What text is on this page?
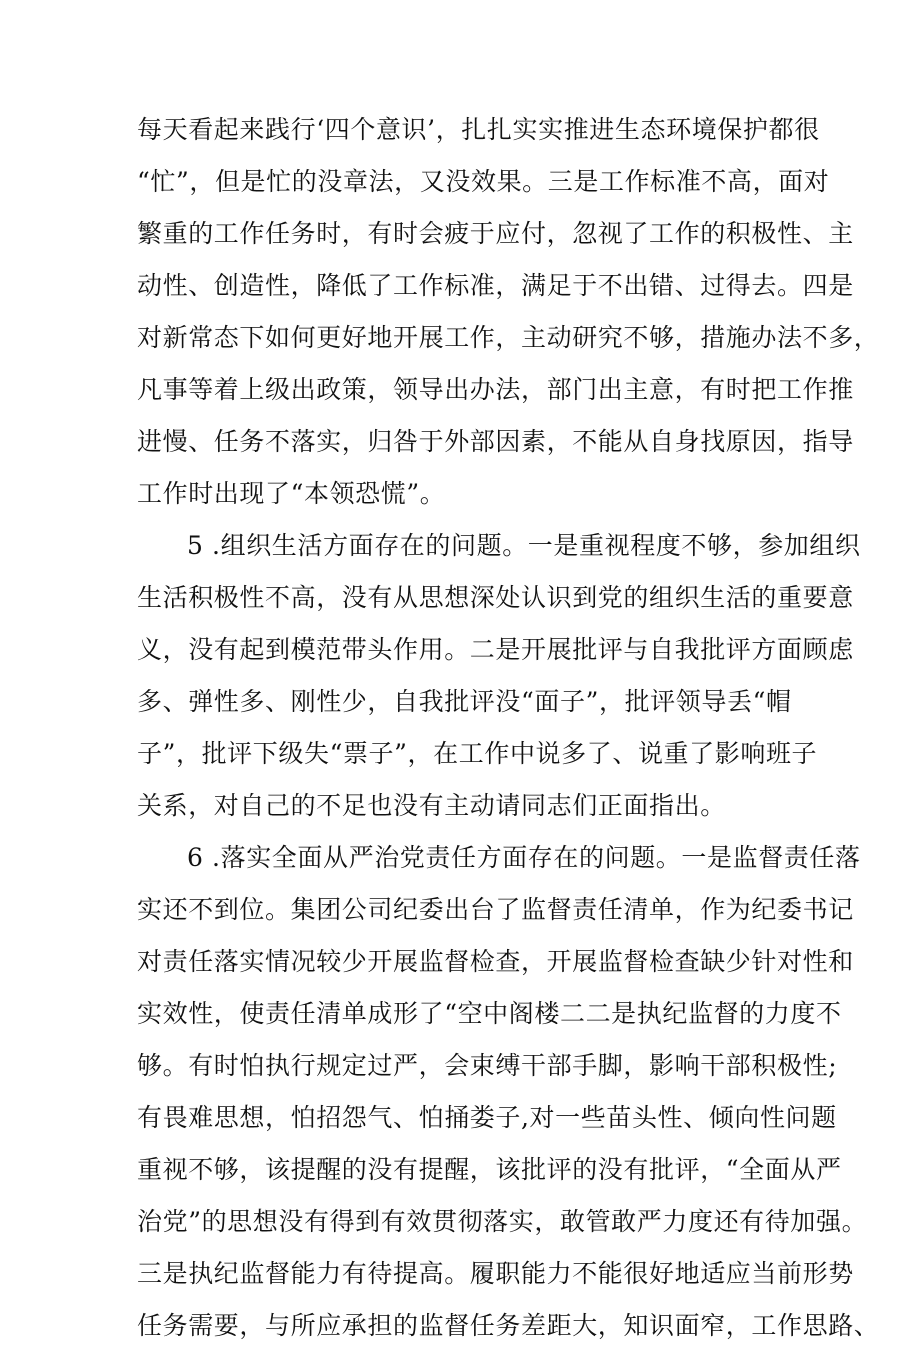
每天看起来践行‘四个意识’，扎扎实实推进生态环境保护都很
“忙”，但是忙的没章法，又没效果。三是工作标准不高，面对
繁重的工作任务时，有时会疲于应付，忽视了工作的积极性、主
动性、创造性，降低了工作标准，满足于不出错、过得去。四是
对新常态下如何更好地开展工作，主动研究不够，措施办法不多，
凡事等着上级出政策，领导出办法，部门出主意，有时把工作推
进慢、任务不落实，归咎于外部因素，不能从自身找原因，指导
工作时出现了“本领恐慌”。
5 .组织生活方面存在的问题。一是重视程度不够，参加组织
生活积极性不高，没有从思想深处认识到党的组织生活的重要意
义，没有起到模范带头作用。二是开展批评与自我批评方面顾虑
多、弹性多、刚性少，自我批评没“面子”，批评领导丢“帽
子”，批评下级失“票子”，在工作中说多了、说重了影响班子
关系，对自己的不足也没有主动请同志们正面指出。
6 .落实全面从严治党责任方面存在的问题。一是监督责任落
实还不到位。集团公司纪委出台了监督责任清单，作为纪委书记
对责任落实情况较少开展监督检查，开展监督检查缺少针对性和
实效性，使责任清单成形了“空中阁楼二二是执纪监督的力度不
够。有时怕执行规定过严，会束缚干部手脚，影响干部积极性;
有畏难思想，怕招怨气、怕捅娄子,对一些苗头性、倾向性问题
重视不够，该提醒的没有提醒，该批评的没有批评，“全面从严
治党”的思想没有得到有效贯彻落实，敢管敢严力度还有待加强。
三是执纪监督能力有待提高。履职能力不能很好地适应当前形势
任务需要，与所应承担的监督任务差距大，知识面窄，工作思路、
